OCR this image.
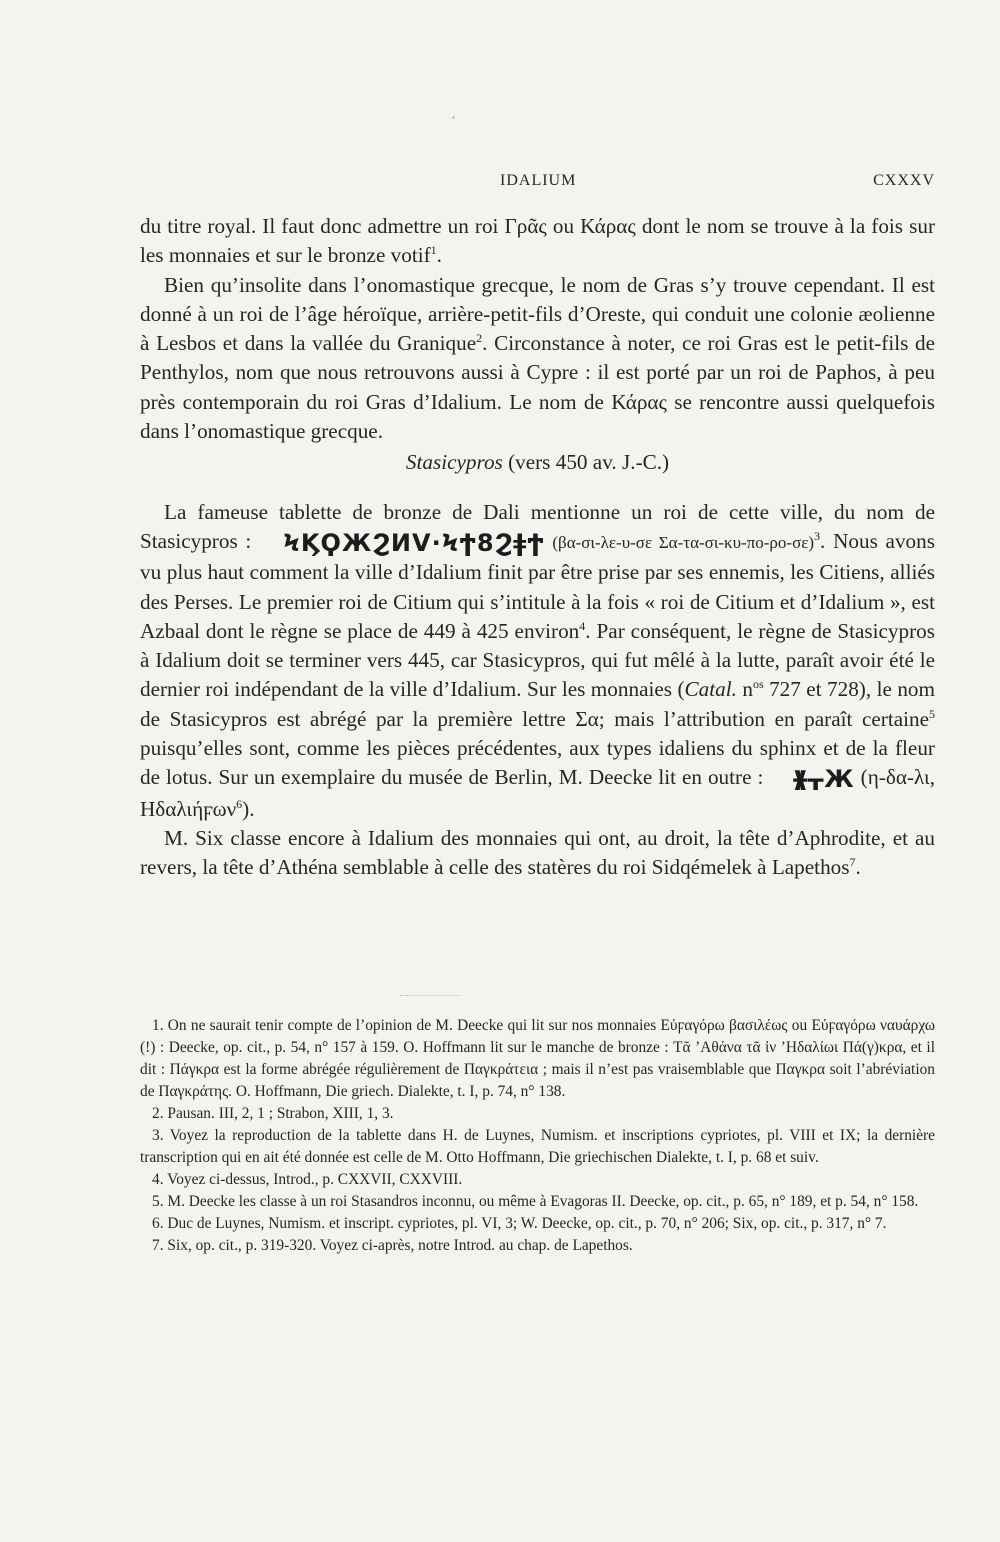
IDALIUM	CXXXV

du titre royal. Il faut donc admettre un roi Γρᾶς ou Κάρας dont le nom se trouve à la fois sur les monnaies et sur le bronze votif$^1$.

Bien qu’insolite dans l’onomastique grecque, le nom de Gras s’y trouve cependant. Il est donné à un roi de l’âge héroïque, arrière-petit-fils d’Oreste, qui conduit une colonie æolienne à Lesbos et dans la vallée du Granique$^2$. Circonstance à noter, ce roi Gras est le petit-fils de Penthylos, nom que nous retrouvons aussi à Cypre : il est porté par un roi de Paphos, à peu près contemporain du roi Gras d’Idalium. Le nom de Κάρας se rencontre aussi quelquefois dans l’onomastique grecque.

Stasicypros (vers 450 av. J.-C.)

La fameuse tablette de bronze de Dali mentionne un roi de cette ville, du nom de Stasicypros : ϞϏϘЖϨИV·ϞϮ8ϨǂϮ (βα-σι-λε-υ-σε Σα-τα-σι-κυ-πο-ρο-σε)$^3$. Nous avons vu plus haut comment la ville d’Idalium finit par être prise par ses ennemis, les Citiens, alliés des Perses. Le premier roi de Citium qui s’intitule à la fois « roi de Citium et d’Idalium », est Azbaal dont le règne se place de 449 à 425 environ$^4$. Par conséquent, le règne de Stasicypros à Idalium doit se terminer vers 445, car Stasicypros, qui fut mêlé à la lutte, paraît avoir été le dernier roi indépendant de la ville d’Idalium. Sur les monnaies (Catal. $n^{os}$ 727 et 728), le nom de Stasicypros est abrégé par la première lettre Σα; mais l’attribution en paraît certaine$^5$ puisqu’elles sont, comme les pièces précédentes, aux types idaliens du sphinx et de la fleur de lotus. Sur un exemplaire du musée de Berlin, M. Deecke lit en outre : ᚕᚁЖ (η-δα-λι, Ηδαλιήϝων$^6$).

M. Six classe encore à Idalium des monnaies qui ont, au droit, la tête d’Aphrodite, et au revers, la tête d’Athéna semblable à celle des statères du roi Sidqémelek à Lapethos$^7$.

1. On ne saurait tenir compte de l’opinion de M. Deecke qui lit sur nos monnaies Εὐϝαγόρω βασιλέως ou Εὐϝαγόρω ναυάρχω (!) : Deecke, op. cit., p. 54, n° 157 à 159. O. Hoffmann lit sur le manche de bronze : Τᾶ ’Αθάνα τᾶ ἰν ’Ηδαλίωι Πά(γ)κρα, et il dit : Πάγκρα est la forme abrégée régulièrement de Παγκράτεια ; mais il n’est pas vraisemblable que Παγκρα soit l’abréviation de Παγκράτης. O. Hoffmann, Die griech. Dialekte, t. I, p. 74, n° 138.

2. Pausan. III, 2, 1 ; Strabon, XIII, 1, 3.

3. Voyez la reproduction de la tablette dans H. de Luynes, Numism. et inscriptions cypriotes, pl. VIII et IX; la dernière transcription qui en ait été donnée est celle de M. Otto Hoffmann, Die griechischen Dialekte, t. I, p. 68 et suiv.

4. Voyez ci-dessus, Introd., p. CXXVII, CXXVIII.

5. M. Deecke les classe à un roi Stasandros inconnu, ou même à Evagoras II. Deecke, op. cit., p. 65, n° 189, et p. 54, n° 158.

6. Duc de Luynes, Numism. et inscript. cypriotes, pl. VI, 3; W. Deecke, op. cit., p. 70, n° 206; Six, op. cit., p. 317, n° 7.

7. Six, op. cit., p. 319-320. Voyez ci-après, notre Introd. au chap. de Lapethos.
